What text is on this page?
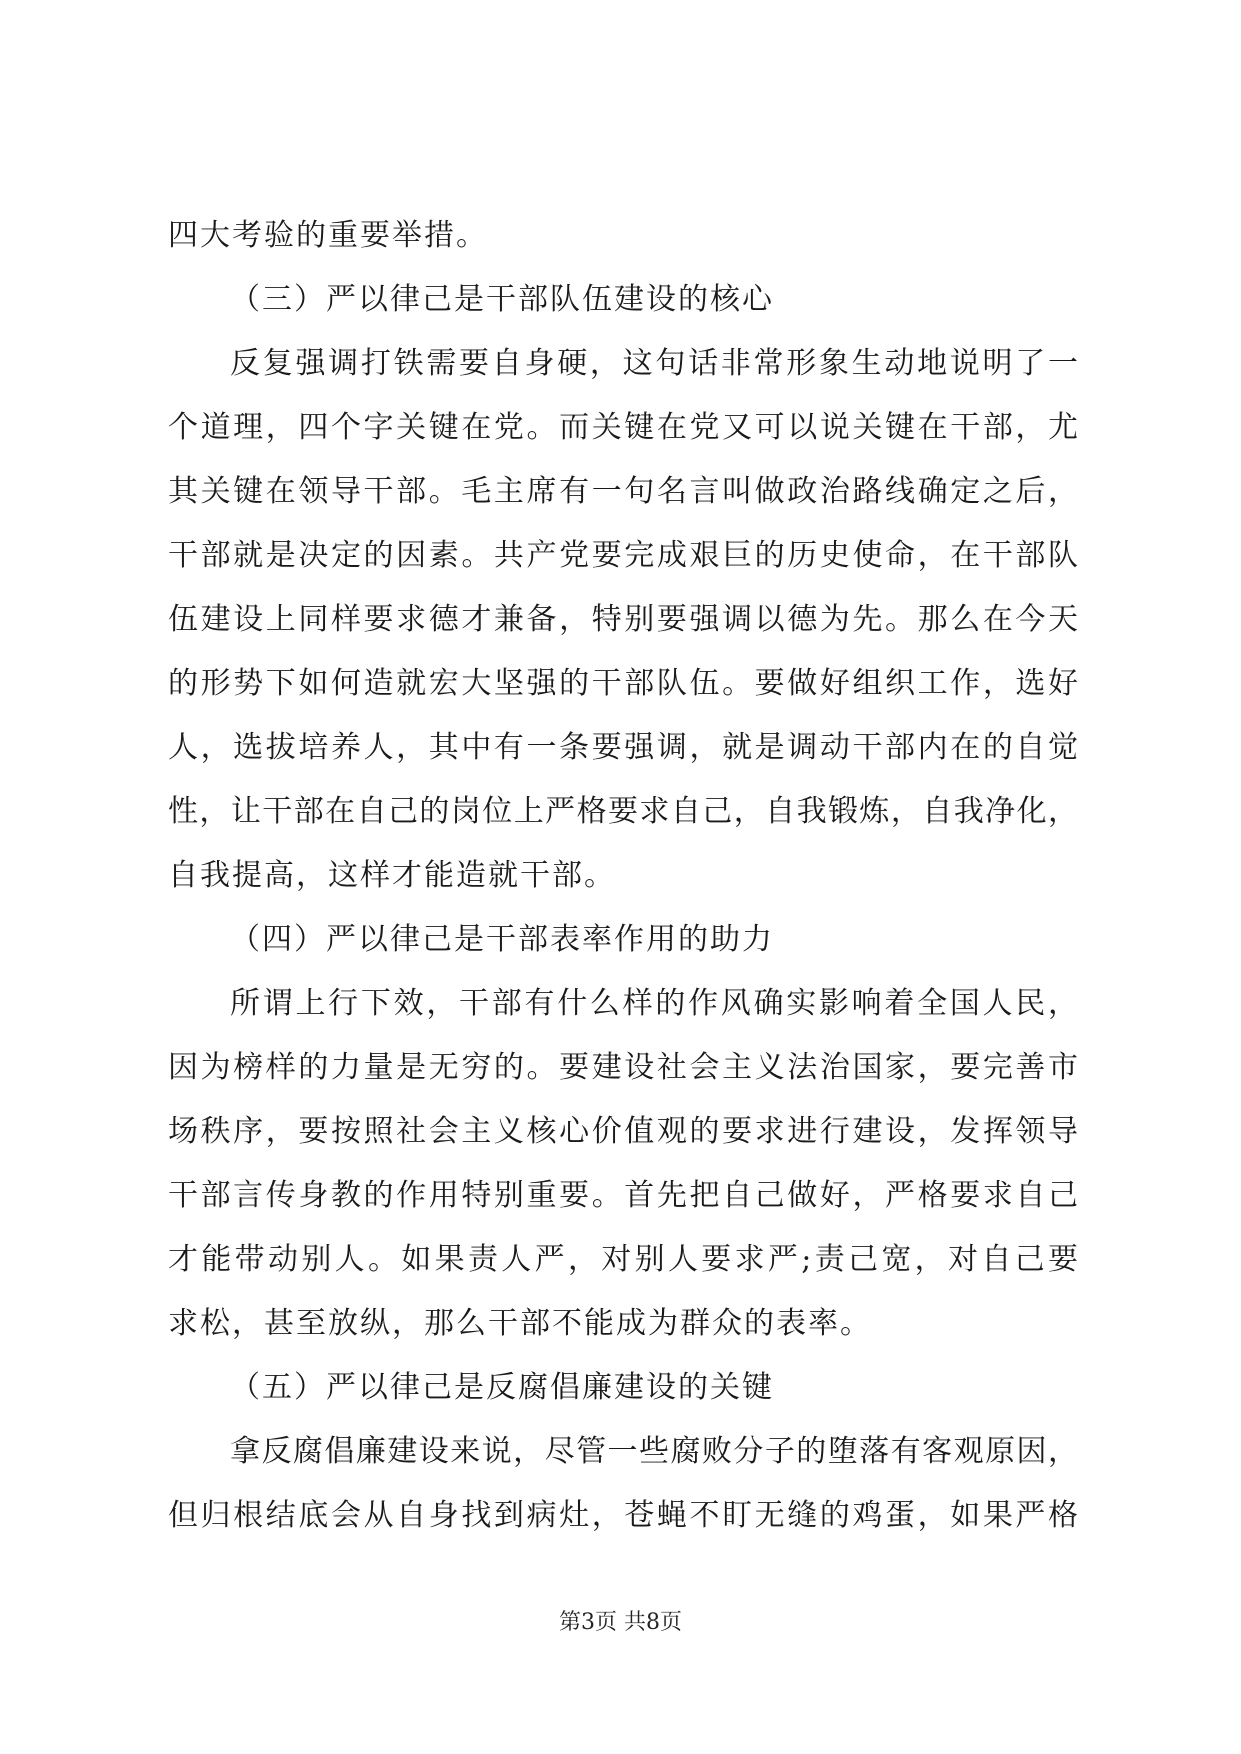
四大考验的重要举措。
（三）严以律己是干部队伍建设的核心
反复强调打铁需要自身硬，这句话非常形象生动地说明了一
个道理，四个字关键在党。而关键在党又可以说关键在干部，尤
其关键在领导干部。毛主席有一句名言叫做政治路线确定之后，
干部就是决定的因素。共产党要完成艰巨的历史使命，在干部队
伍建设上同样要求德才兼备，特别要强调以德为先。那么在今天
的形势下如何造就宏大坚强的干部队伍。要做好组织工作，选好
人，选拔培养人，其中有一条要强调，就是调动干部内在的自觉
性，让干部在自己的岗位上严格要求自己，自我锻炼，自我净化，
自我提高，这样才能造就干部。
（四）严以律己是干部表率作用的助力
所谓上行下效，干部有什么样的作风确实影响着全国人民，
因为榜样的力量是无穷的。要建设社会主义法治国家，要完善市
场秩序，要按照社会主义核心价值观的要求进行建设，发挥领导
干部言传身教的作用特别重要。首先把自己做好，严格要求自己
才能带动别人。如果责人严，对别人要求严;责己宽，对自己要
求松，甚至放纵，那么干部不能成为群众的表率。
（五）严以律己是反腐倡廉建设的关键
拿反腐倡廉建设来说，尽管一些腐败分子的堕落有客观原因，
但归根结底会从自身找到病灶，苍蝇不盯无缝的鸡蛋，如果严格
第3页 共8页
